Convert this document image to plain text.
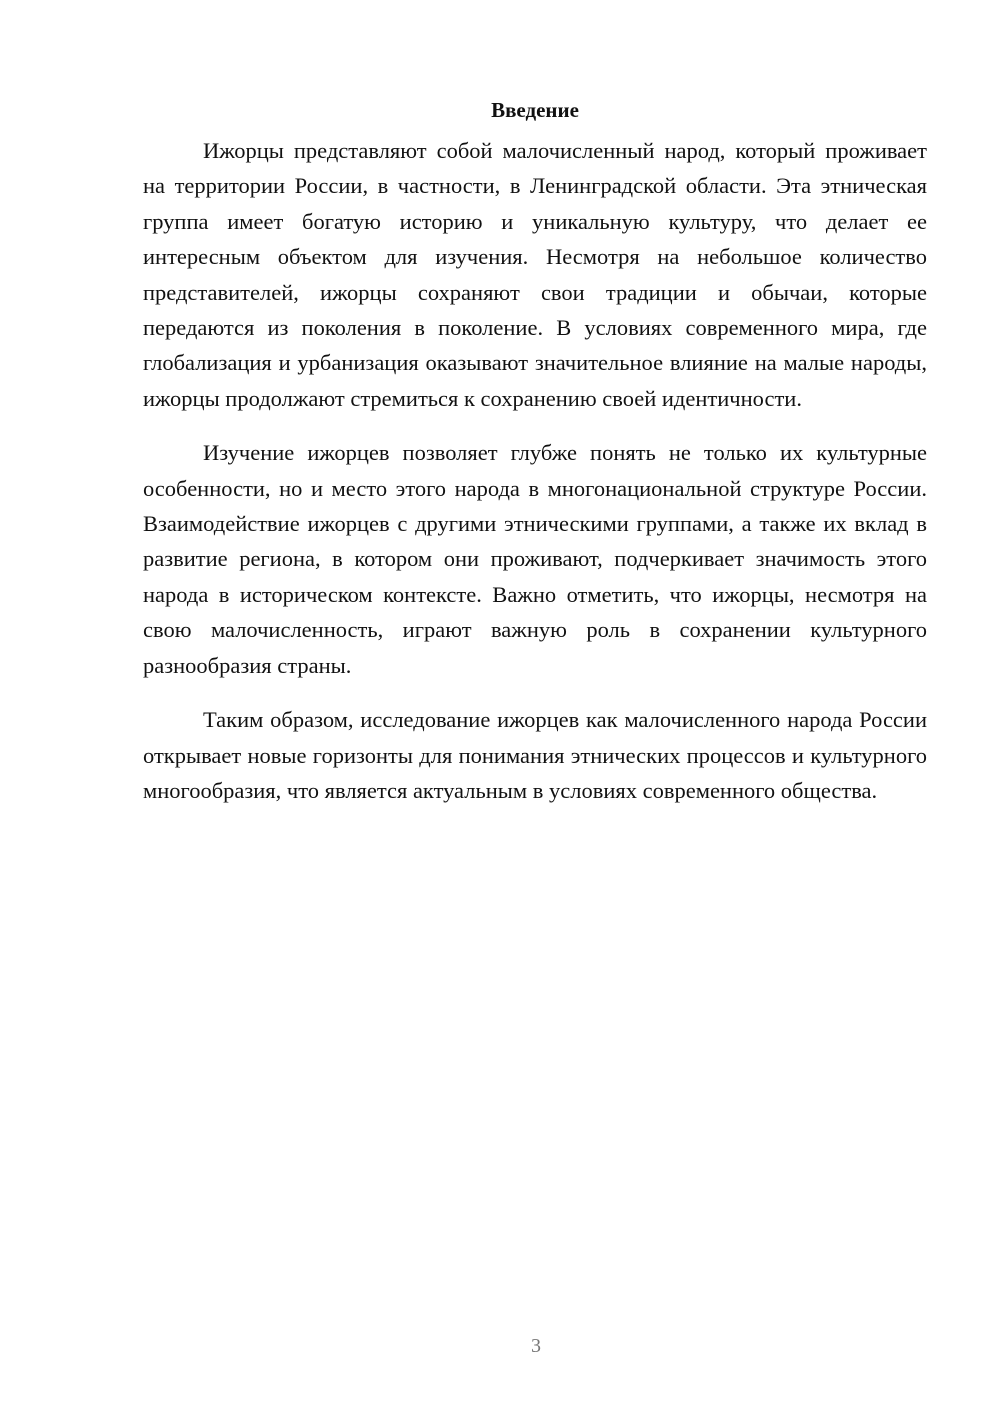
Введение

Ижорцы представляют собой малочисленный народ, который проживает на территории России, в частности, в Ленинградской области. Эта этническая группа имеет богатую историю и уникальную культуру, что делает ее интересным объектом для изучения. Несмотря на небольшое количество представителей, ижорцы сохраняют свои традиции и обычаи, которые передаются из поколения в поколение. В условиях современного мира, где глобализация и урбанизация оказывают значительное влияние на малые народы, ижорцы продолжают стремиться к сохранению своей идентичности.

Изучение ижорцев позволяет глубже понять не только их культурные особенности, но и место этого народа в многонациональной структуре России. Взаимодействие ижорцев с другими этническими группами, а также их вклад в развитие региона, в котором они проживают, подчеркивает значимость этого народа в историческом контексте. Важно отметить, что ижорцы, несмотря на свою малочисленность, играют важную роль в сохранении культурного разнообразия страны.

Таким образом, исследование ижорцев как малочисленного народа России открывает новые горизонты для понимания этнических процессов и культурного многообразия, что является актуальным в условиях современного общества.

3
